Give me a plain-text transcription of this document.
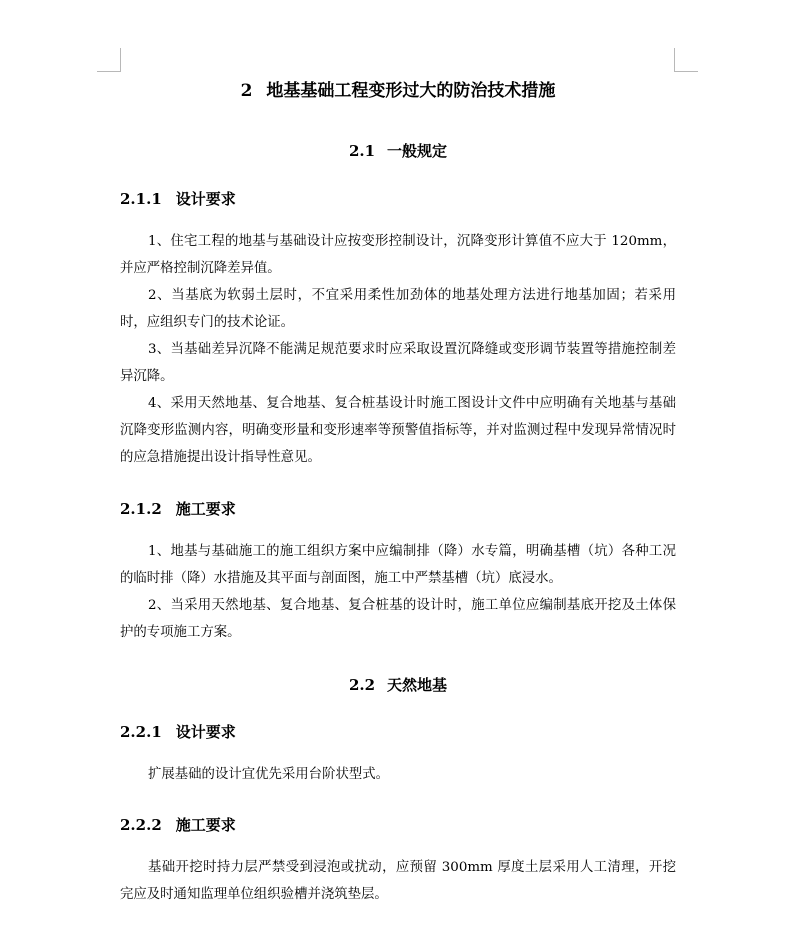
2 地基基础工程变形过大的防治技术措施
2.1 一般规定
2.1.1 设计要求
1、住宅工程的地基与基础设计应按变形控制设计，沉降变形计算值不应大于 120mm，并应严格控制沉降差异值。
2、当基底为软弱土层时，不宜采用柔性加劲体的地基处理方法进行地基加固；若采用时，应组织专门的技术论证。
3、当基础差异沉降不能满足规范要求时应采取设置沉降缝或变形调节装置等措施控制差异沉降。
4、采用天然地基、复合地基、复合桩基设计时施工图设计文件中应明确有关地基与基础沉降变形监测内容，明确变形量和变形速率等预警值指标等，并对监测过程中发现异常情况时的应急措施提出设计指导性意见。
2.1.2 施工要求
1、地基与基础施工的施工组织方案中应编制排（降）水专篇，明确基槽（坑）各种工况的临时排（降）水措施及其平面与剖面图，施工中严禁基槽（坑）底浸水。
2、当采用天然地基、复合地基、复合桩基的设计时，施工单位应编制基底开挖及土体保护的专项施工方案。
2.2 天然地基
2.2.1 设计要求
扩展基础的设计宜优先采用台阶状型式。
2.2.2 施工要求
基础开挖时持力层严禁受到浸泡或扰动，应预留 300mm 厚度土层采用人工清理，开挖完应及时通知监理单位组织验槽并浇筑垫层。
